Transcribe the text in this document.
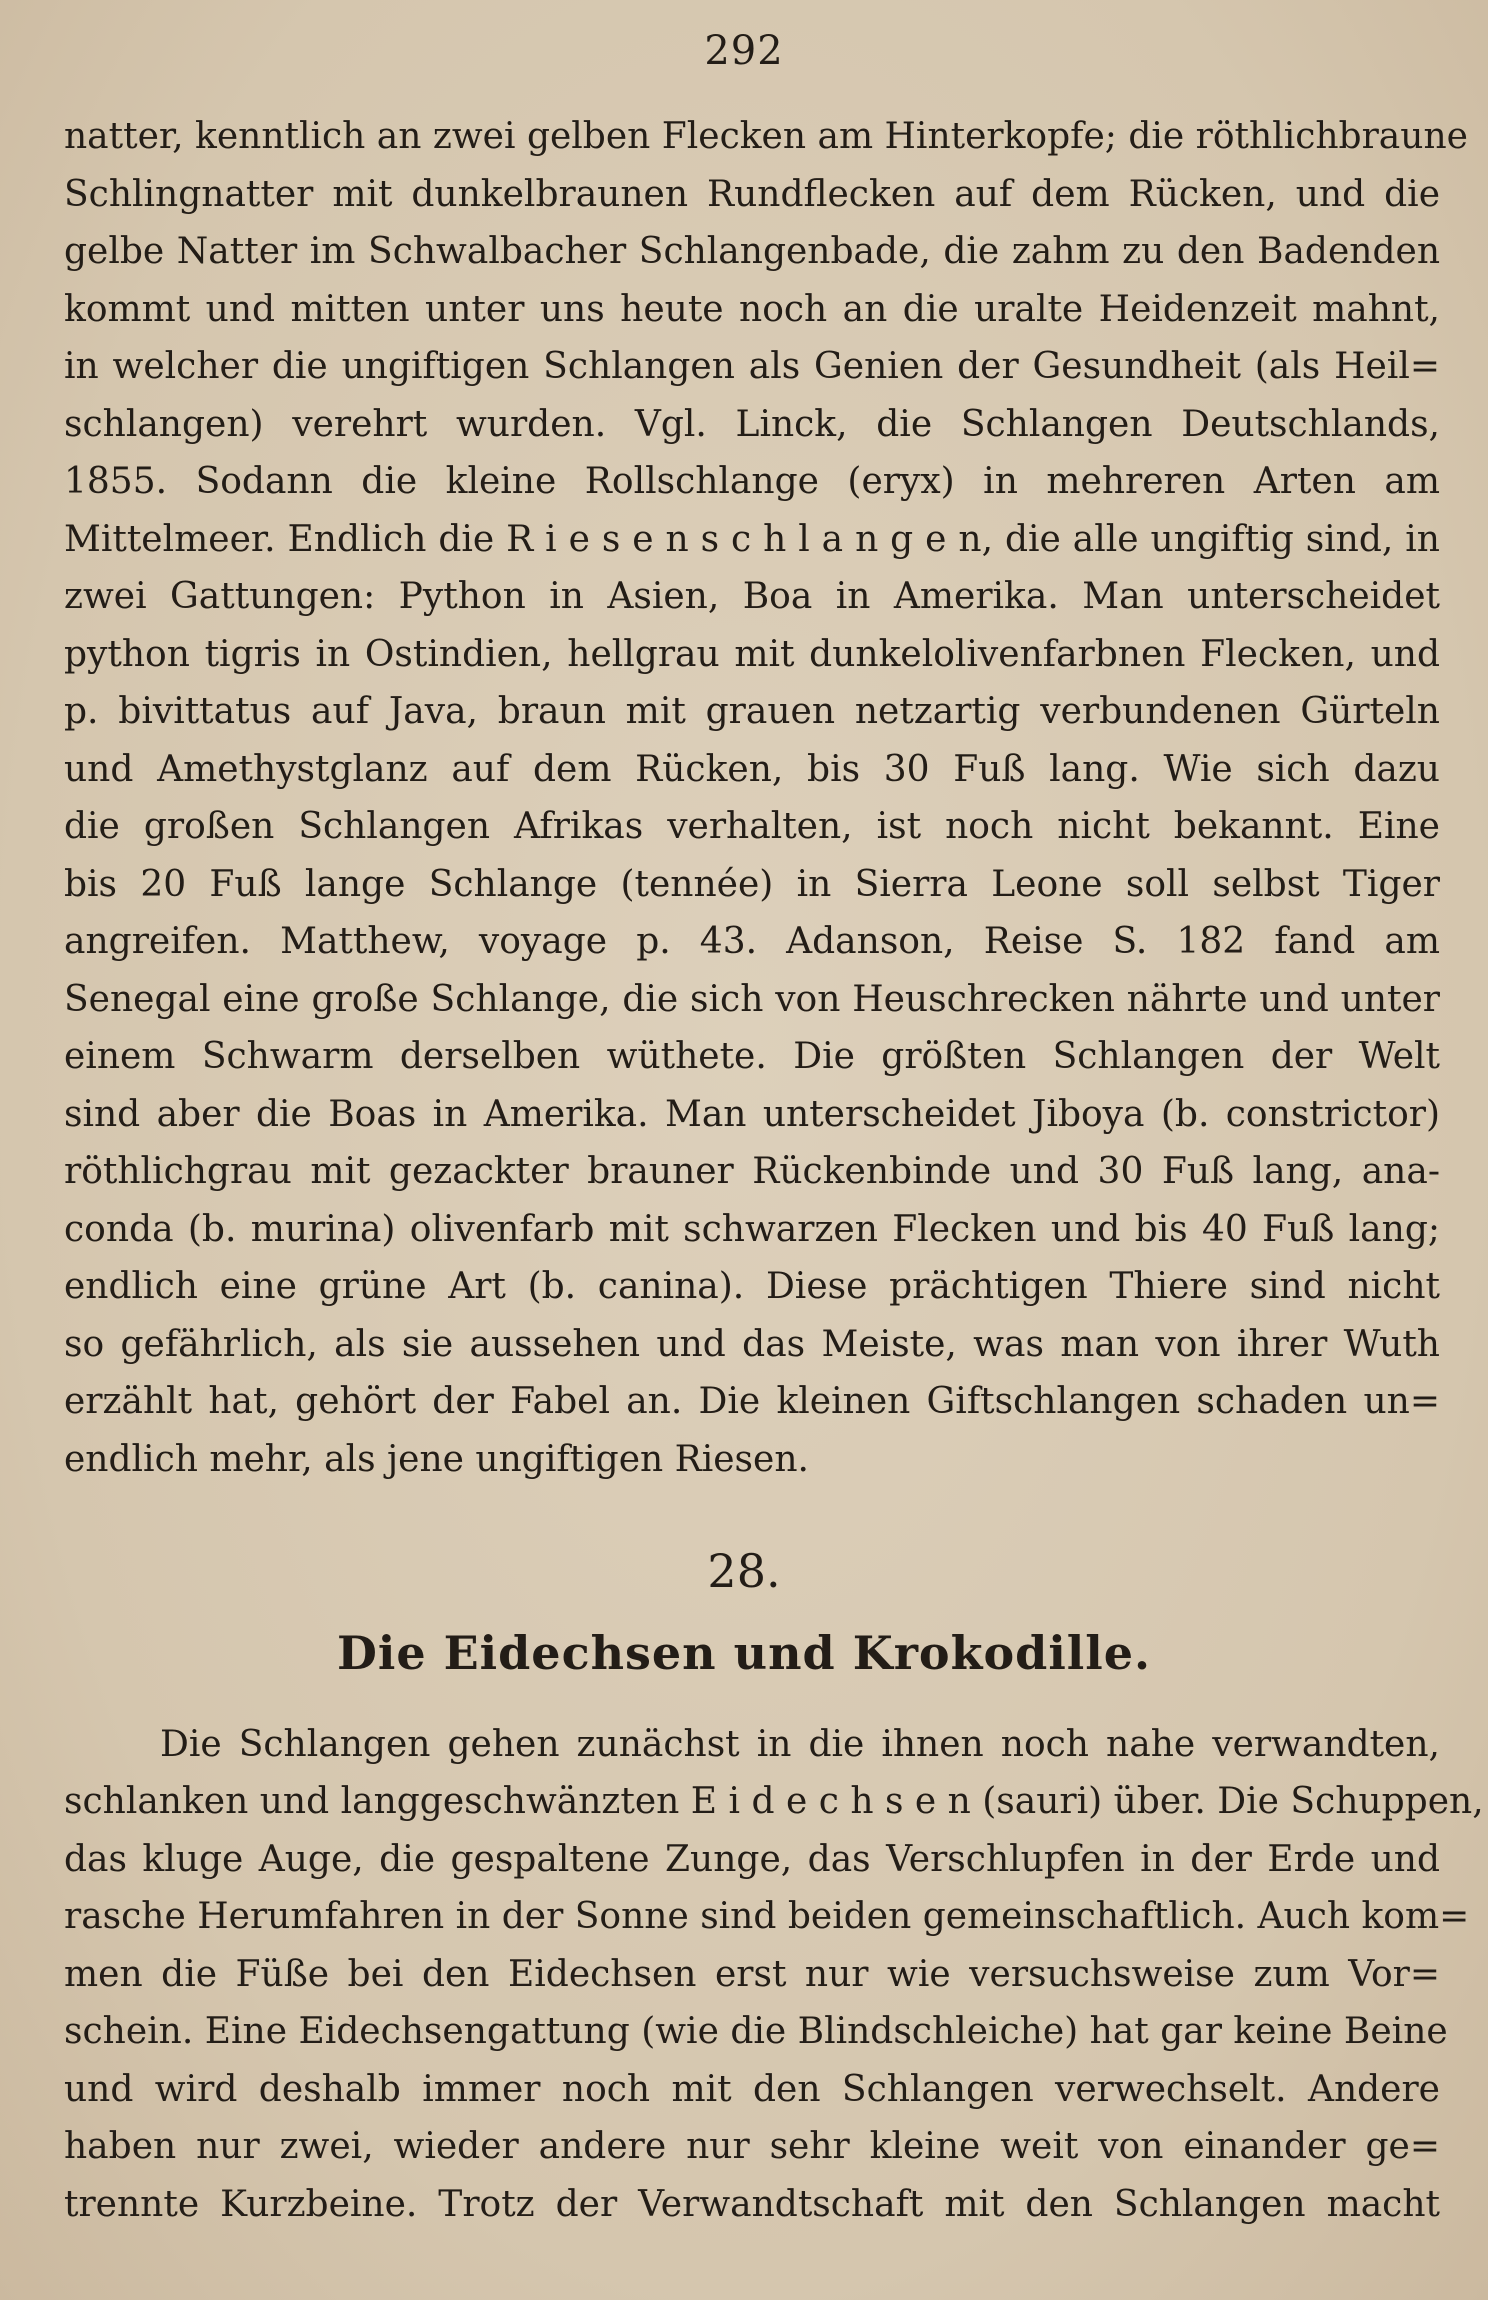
292
natter, kenntlich an zwei gelben Flecken am Hinterkopfe; die röthlichbraune
Schlingnatter mit dunkelbraunen Rundflecken auf dem Rücken, und die
gelbe Natter im Schwalbacher Schlangenbade, die zahm zu den Badenden
kommt und mitten unter uns heute noch an die uralte Heidenzeit mahnt,
in welcher die ungiftigen Schlangen als Genien der Gesundheit (als Heil=
schlangen) verehrt wurden. Vgl. Linck, die Schlangen Deutschlands,
1855. Sodann die kleine Rollschlange (eryx) in mehreren Arten am
Mittelmeer. Endlich die R i e s e n s c h l a n g e n, die alle ungiftig sind, in
zwei Gattungen: Python in Asien, Boa in Amerika. Man unterscheidet
python tigris in Ostindien, hellgrau mit dunkelolivenfarbnen Flecken, und
p. bivittatus auf Java, braun mit grauen netzartig verbundenen Gürteln
und Amethystglanz auf dem Rücken, bis 30 Fuß lang. Wie sich dazu
die großen Schlangen Afrikas verhalten, ist noch nicht bekannt. Eine
bis 20 Fuß lange Schlange (tennée) in Sierra Leone soll selbst Tiger
angreifen. Matthew, voyage p. 43. Adanson, Reise S. 182 fand am
Senegal eine große Schlange, die sich von Heuschrecken nährte und unter
einem Schwarm derselben wüthete. Die größten Schlangen der Welt
sind aber die Boas in Amerika. Man unterscheidet Jiboya (b. constrictor)
röthlichgrau mit gezackter brauner Rückenbinde und 30 Fuß lang, ana-
conda (b. murina) olivenfarb mit schwarzen Flecken und bis 40 Fuß lang;
endlich eine grüne Art (b. canina). Diese prächtigen Thiere sind nicht
so gefährlich, als sie aussehen und das Meiste, was man von ihrer Wuth
erzählt hat, gehört der Fabel an. Die kleinen Giftschlangen schaden un=
endlich mehr, als jene ungiftigen Riesen.
28.
Die Eidechsen und Krokodille.
Die Schlangen gehen zunächst in die ihnen noch nahe verwandten,
schlanken und langgeschwänzten E i d e c h s e n (sauri) über. Die Schuppen,
das kluge Auge, die gespaltene Zunge, das Verschlupfen in der Erde und
rasche Herumfahren in der Sonne sind beiden gemeinschaftlich. Auch kom=
men die Füße bei den Eidechsen erst nur wie versuchsweise zum Vor=
schein. Eine Eidechsengattung (wie die Blindschleiche) hat gar keine Beine
und wird deshalb immer noch mit den Schlangen verwechselt. Andere
haben nur zwei, wieder andere nur sehr kleine weit von einander ge=
trennte Kurzbeine. Trotz der Verwandtschaft mit den Schlangen macht
